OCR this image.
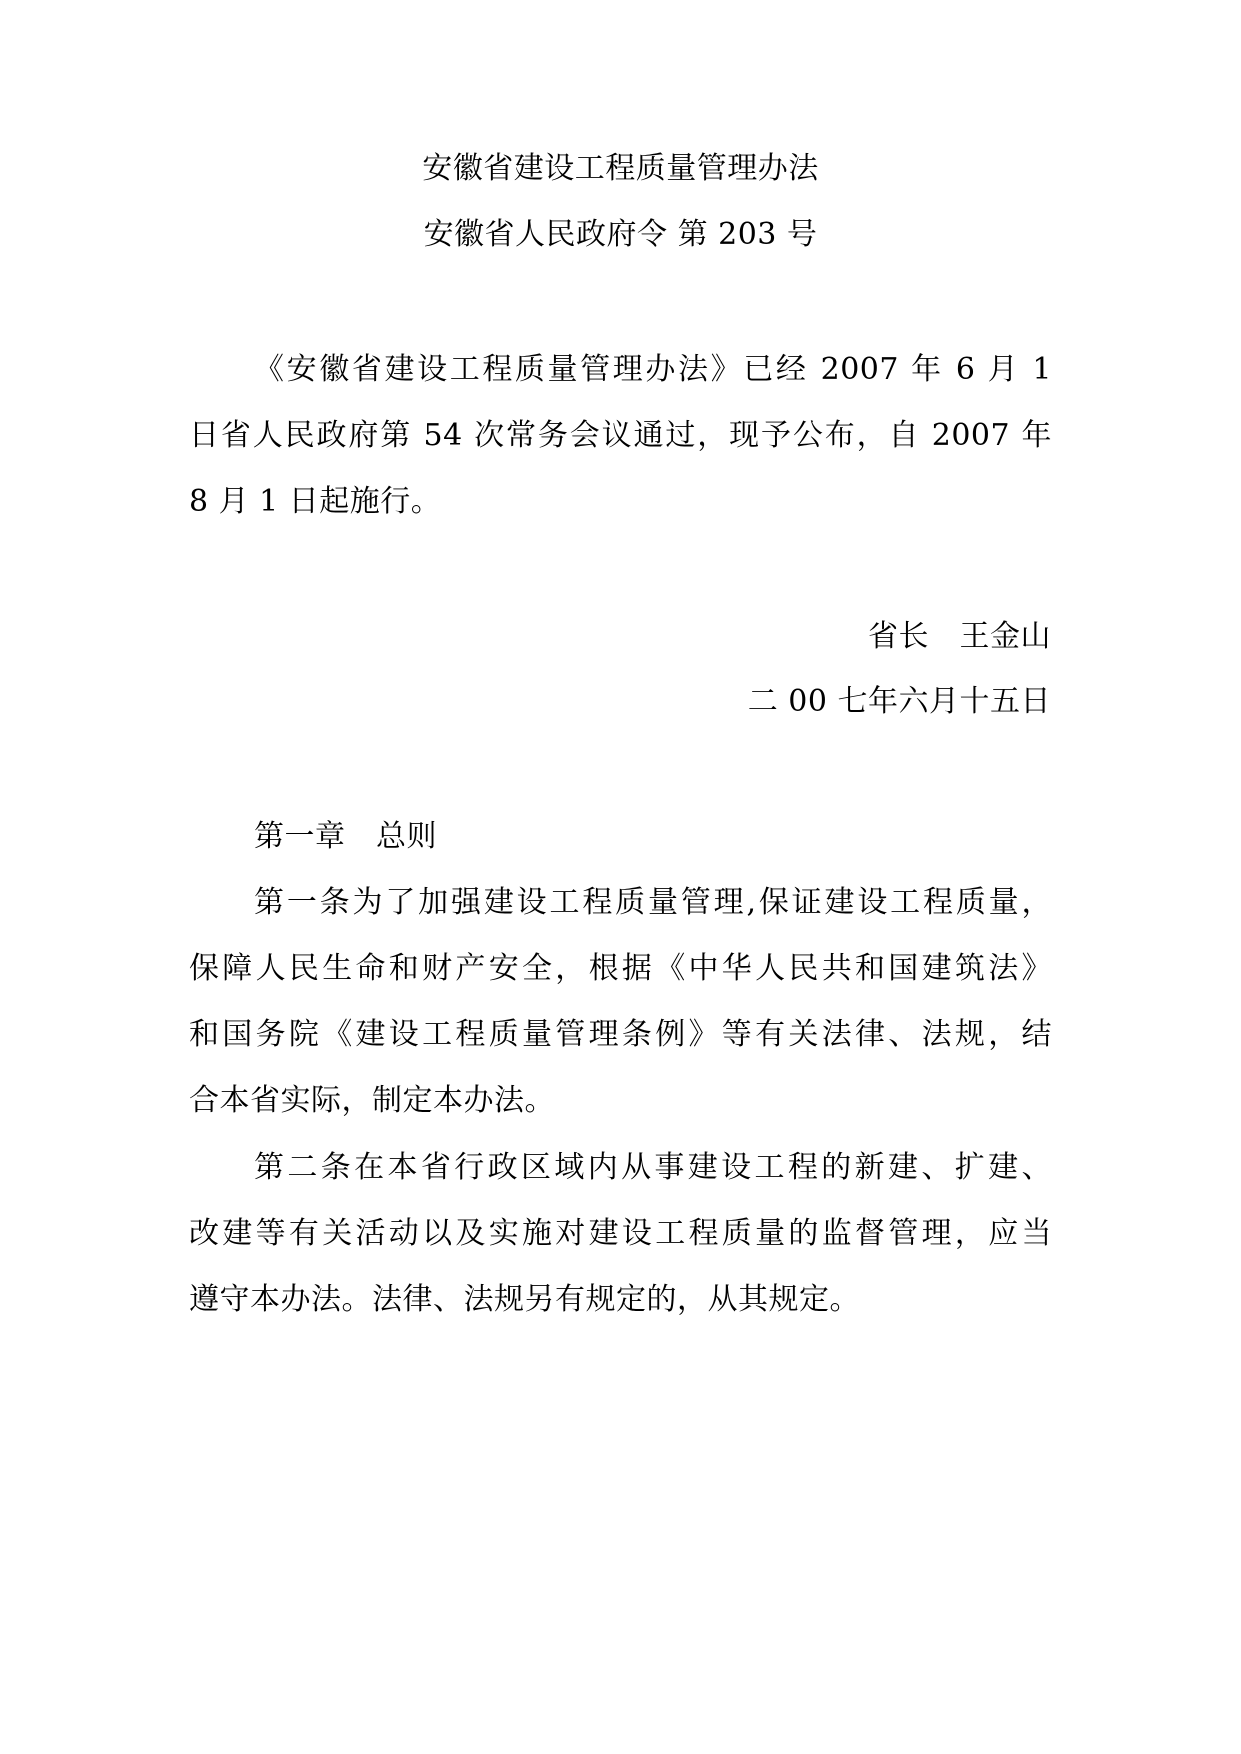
安徽省建设工程质量管理办法
安徽省人民政府令 第 203 号
《安徽省建设工程质量管理办法》已经 2007 年 6 月 1
日省人民政府第 54 次常务会议通过，现予公布，自 2007 年
8 月 1 日起施行。
省长　王金山
二 00 七年六月十五日
第一章　总则
第一条为了加强建设工程质量管理,保证建设工程质量，
保障人民生命和财产安全，根据《中华人民共和国建筑法》
和国务院《建设工程质量管理条例》等有关法律、法规，结
合本省实际，制定本办法。
第二条在本省行政区域内从事建设工程的新建、扩建、
改建等有关活动以及实施对建设工程质量的监督管理，应当
遵守本办法。法律、法规另有规定的，从其规定。
